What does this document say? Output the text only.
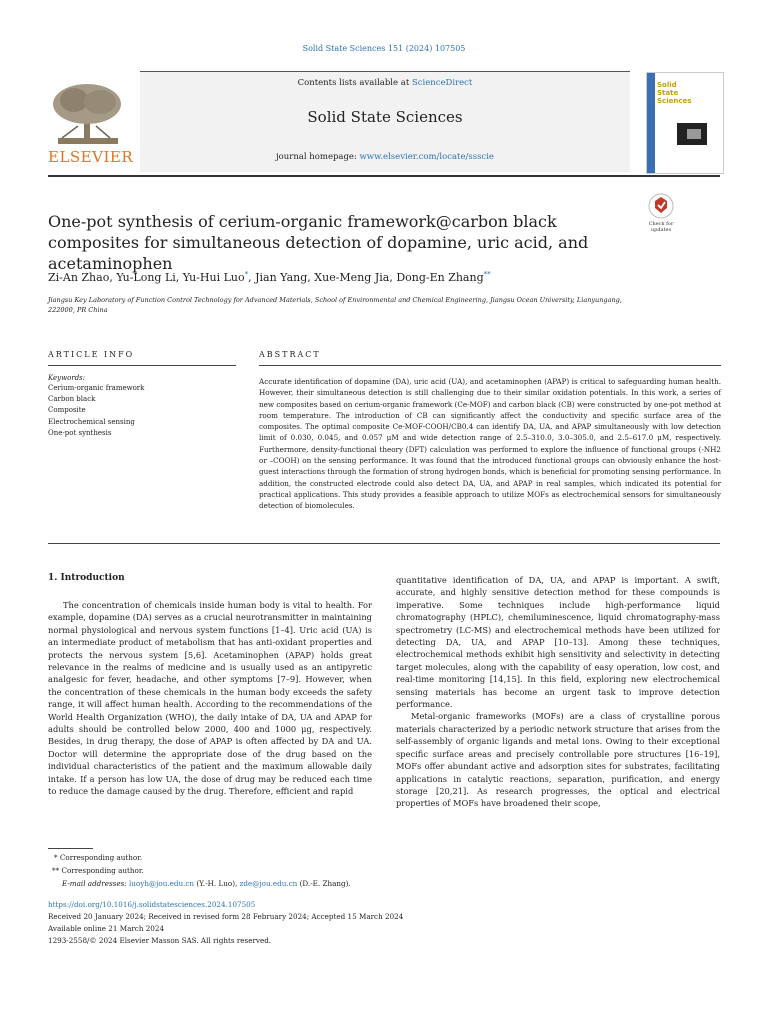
Solid State Sciences 151 (2024) 107505
ELSEVIER
Contents lists available at ScienceDirect
Solid State Sciences
journal homepage: www.elsevier.com/locate/ssscie
Solid
State
Sciences
One-pot synthesis of cerium-organic framework@carbon black composites for simultaneous detection of dopamine, uric acid, and acetaminophen
Check for updates
Zi-An Zhao, Yu-Long Li, Yu-Hui Luo*, Jian Yang, Xue-Meng Jia, Dong-En Zhang**
Jiangsu Key Laboratory of Function Control Technology for Advanced Materials, School of Environmental and Chemical Engineering, Jiangsu Ocean University, Lianyungang, 222000, PR China
ARTICLE INFO	ABSTRACT
Keywords:
Cerium-organic framework
Carbon black
Composite
Electrochemical sensing
One-pot synthesis
Accurate identification of dopamine (DA), uric acid (UA), and acetaminophen (APAP) is critical to safeguarding human health. However, their simultaneous detection is still challenging due to their similar oxidation potentials. In this work, a series of new composites based on cerium-organic framework (Ce-MOF) and carbon black (CB) were constructed by one-pot method at room temperature. The introduction of CB can significantly affect the conductivity and specific surface area of the composites. The optimal composite Ce-MOF-COOH/CB0.4 can identify DA, UA, and APAP simultaneously with low detection limit of 0.030, 0.045, and 0.057 μM and wide detection range of 2.5–310.0, 3.0–305.0, and 2.5–617.0 μM, respectively. Furthermore, density-functional theory (DFT) calculation was performed to explore the influence of functional groups (-NH2 or –COOH) on the sensing performance. It was found that the introduced functional groups can obviously enhance the host-guest interactions through the formation of strong hydrogen bonds, which is beneficial for promoting sensing performance. In addition, the constructed electrode could also detect DA, UA, and APAP in real samples, which indicated its potential for practical applications. This study provides a feasible approach to utilize MOFs as electrochemical sensors for simultaneously detection of biomolecules.
1. Introduction

The concentration of chemicals inside human body is vital to health. For example, dopamine (DA) serves as a crucial neurotransmitter in maintaining normal physiological and nervous system functions [1–4]. Uric acid (UA) is an intermediate product of metabolism that has anti-oxidant properties and protects the nervous system [5,6]. Acetaminophen (APAP) holds great relevance in the realms of medicine and is usually used as an antipyretic analgesic for fever, headache, and other symptoms [7–9]. However, when the concentration of these chemicals in the human body exceeds the safety range, it will affect human health. According to the recommendations of the World Health Organization (WHO), the daily intake of DA, UA and APAP for adults should be controlled below 2000, 400 and 1000 μg, respectively. Besides, in drug therapy, the dose of APAP is often affected by DA and UA. Doctor will determine the appropriate dose of the drug based on the individual characteristics of the patient and the maximum allowable daily intake. If a person has low UA, the dose of drug may be reduced each time to reduce the damage caused by the drug. Therefore, efficient and rapid

quantitative identification of DA, UA, and APAP is important. A swift, accurate, and highly sensitive detection method for these compounds is imperative. Some techniques include high-performance liquid chromatography (HPLC), chemiluminescence, liquid chromatography-mass spectrometry (LC-MS) and electrochemical methods have been utilized for detecting DA, UA, and APAP [10–13]. Among these techniques, electrochemical methods exhibit high sensitivity and selectivity in detecting target molecules, along with the capability of easy operation, low cost, and real-time monitoring [14,15]. In this field, exploring new electrochemical sensing materials has become an urgent task to improve detection performance.

Metal-organic frameworks (MOFs) are a class of crystalline porous materials characterized by a periodic network structure that arises from the self-assembly of organic ligands and metal ions. Owing to their exceptional specific surface areas and precisely controllable pore structures [16–19], MOFs offer abundant active and adsorption sites for substrates, facilitating applications in catalytic reactions, separation, purification, and energy storage [20,21]. As research progresses, the optical and electrical properties of MOFs have broadened their scope,

* Corresponding author.
** Corresponding author.
E-mail addresses: luoyh@jou.edu.cn (Y.-H. Luo), zde@jou.edu.cn (D.-E. Zhang).
https://doi.org/10.1016/j.solidstatesciences.2024.107505
Received 20 January 2024; Received in revised form 28 February 2024; Accepted 15 March 2024
Available online 21 March 2024
1293-2558/© 2024 Elsevier Masson SAS. All rights reserved.
